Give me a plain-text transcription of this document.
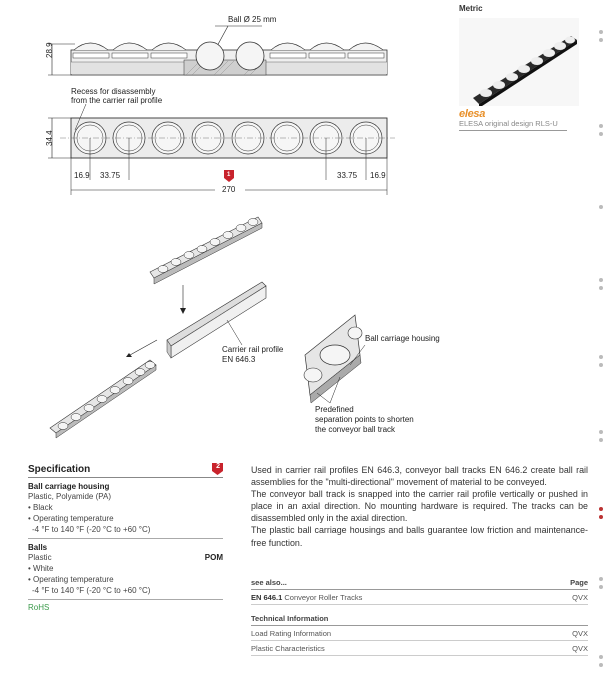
Ball Ø 25 mm
28.9
Recess for disassembly
from the carrier rail profile
34.4
16.9 33.75	33.75 16.9
1
270
Carrier rail profile
EN 646.3
Ball carriage housing
Predefined
separation points to shorten
the conveyor ball track
Metric
elesa
ELESA original design RLS-U
Specification	2
Ball carriage housing
Plastic, Polyamide (PA)
• Black
• Operating temperature
-4 °F to 140 °F (-20 °C to +60 °C)
Balls
Plastic	POM
• White
• Operating temperature
-4 °F to 140 °F (-20 °C to +60 °C)
RoHS

Used in carrier rail profiles EN 646.3, conveyor ball tracks EN 646.2 create ball rail assemblies for the "multi-directional" movement of material to be conveyed.

The conveyor ball track is snapped into the carrier rail profile vertically or pushed in place in an axial direction. No mounting hardware is required. The tracks can be disassembled only in the axial direction.

The plastic ball carriage housings and balls guarantee low friction and maintenance-free function.

see also...	Page
EN 646.1 Conveyor Roller Tracks	QVX
Technical Information
Load Rating Information	QVX
Plastic Characteristics	QVX
